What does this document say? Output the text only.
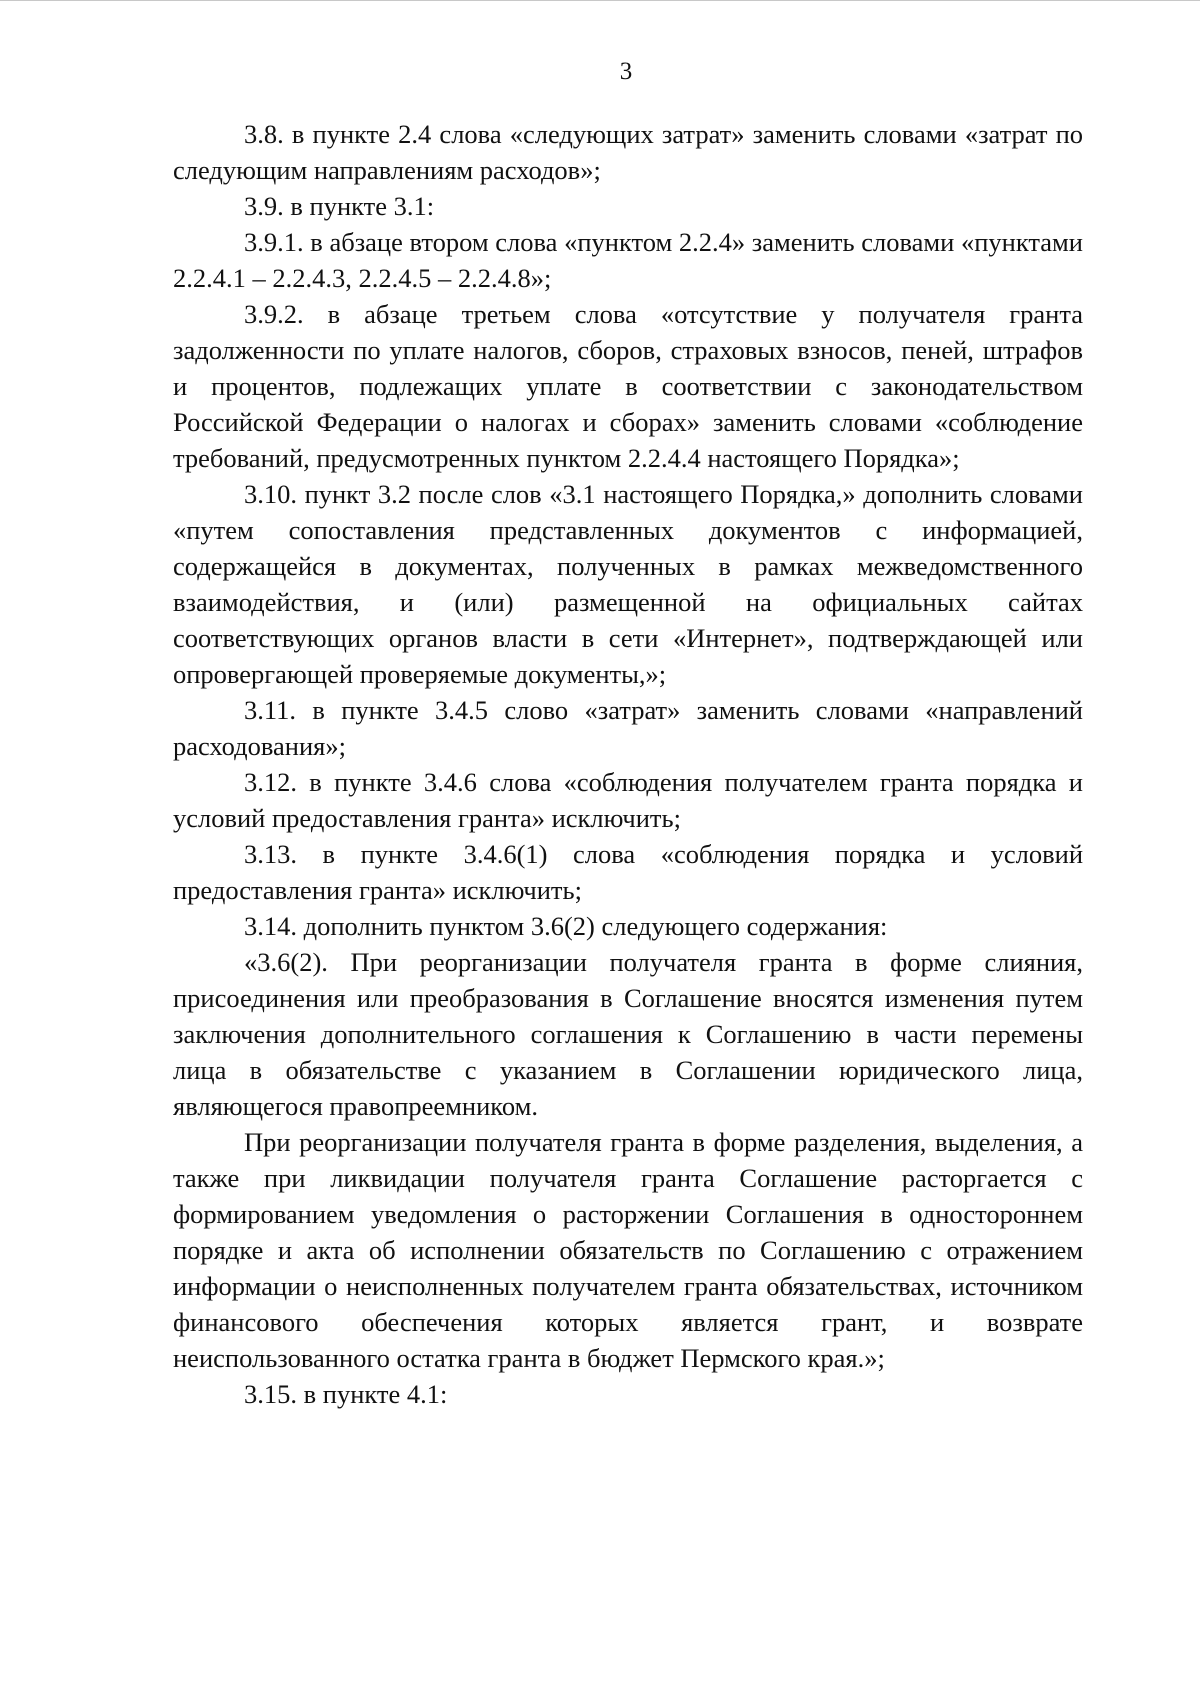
3

3.8. в пункте 2.4 слова «следующих затрат» заменить словами «затрат по следующим направлениям расходов»;

3.9. в пункте 3.1:

3.9.1. в абзаце втором слова «пунктом 2.2.4» заменить словами «пунктами 2.2.4.1 – 2.2.4.3, 2.2.4.5 – 2.2.4.8»;

3.9.2. в абзаце третьем слова «отсутствие у получателя гранта задолженности по уплате налогов, сборов, страховых взносов, пеней, штрафов и процентов, подлежащих уплате в соответствии с законодательством Российской Федерации о налогах и сборах» заменить словами «соблюдение требований, предусмотренных пунктом 2.2.4.4 настоящего Порядка»;

3.10. пункт 3.2 после слов «3.1 настоящего Порядка,» дополнить словами «путем сопоставления представленных документов с информацией, содержащейся в документах, полученных в рамках межведомственного взаимодействия, и (или) размещенной на официальных сайтах соответствующих органов власти в сети «Интернет», подтверждающей или опровергающей проверяемые документы,»;

3.11. в пункте 3.4.5 слово «затрат» заменить словами «направлений расходования»;

3.12. в пункте 3.4.6 слова «соблюдения получателем гранта порядка и условий предоставления гранта» исключить;

3.13. в пункте 3.4.6(1) слова «соблюдения порядка и условий предоставления гранта» исключить;

3.14. дополнить пунктом 3.6(2) следующего содержания:

«3.6(2). При реорганизации получателя гранта в форме слияния, присоединения или преобразования в Соглашение вносятся изменения путем заключения дополнительного соглашения к Соглашению в части перемены лица в обязательстве с указанием в Соглашении юридического лица, являющегося правопреемником.

При реорганизации получателя гранта в форме разделения, выделения, а также при ликвидации получателя гранта Соглашение расторгается с формированием уведомления о расторжении Соглашения в одностороннем порядке и акта об исполнении обязательств по Соглашению с отражением информации о неисполненных получателем гранта обязательствах, источником финансового обеспечения которых является грант, и возврате неиспользованного остатка гранта в бюджет Пермского края.»;

3.15. в пункте 4.1:
